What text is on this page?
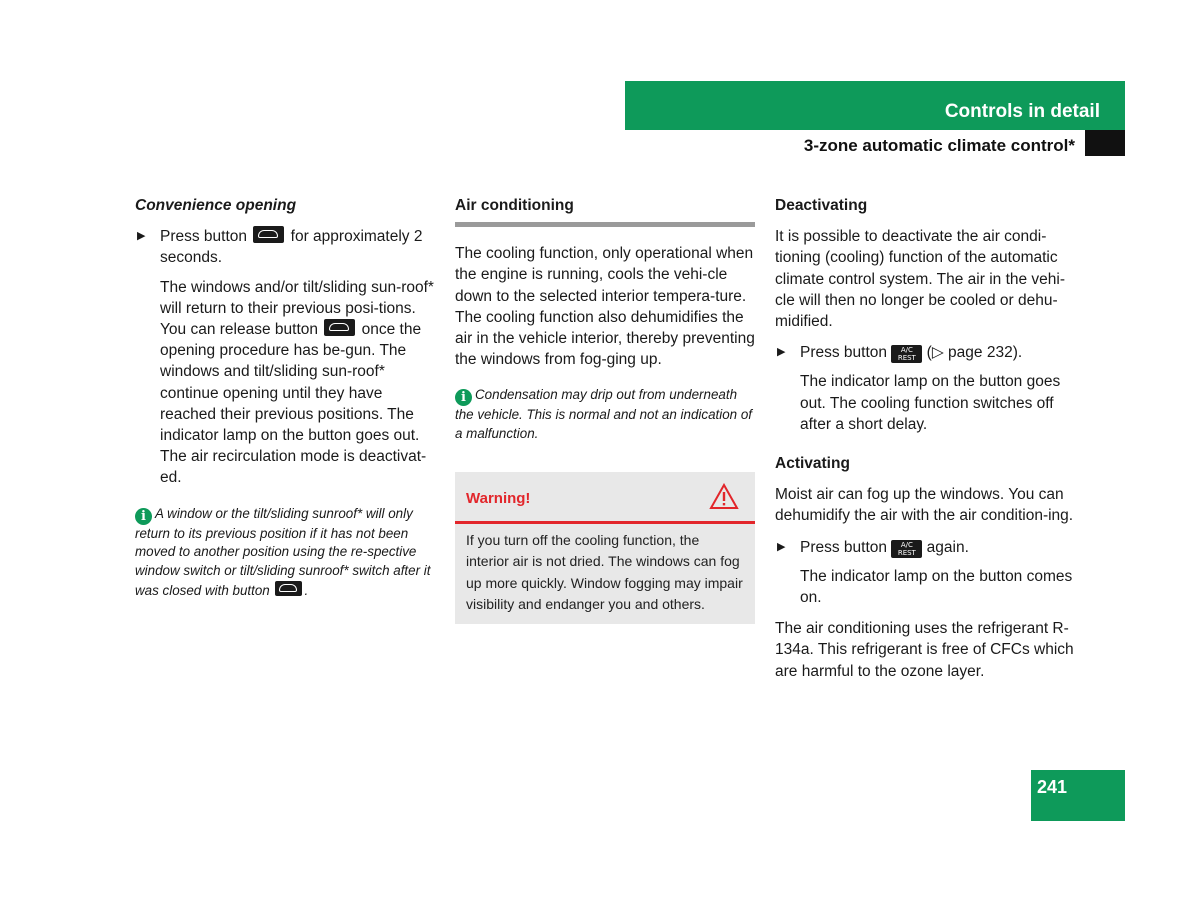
Controls in detail
3-zone automatic climate control*
Convenience opening
▶ Press button	for approximately 2 seconds.
The windows and/or tilt/sliding sun-roof* will return to their previous posi-tions. You can release button	once the opening procedure has be-gun. The windows and tilt/sliding sun-roof* continue opening until they have reached their previous positions. The indicator lamp on the button goes out. The air recirculation mode is deactivat-ed.
i A window or the tilt/sliding sunroof* will only return to its previous position if it has not been moved to another position using the re-spective window switch or tilt/sliding sunroof* switch after it was closed with button	.
Air conditioning

The cooling function, only operational when the engine is running, cools the vehi-cle down to the selected interior tempera-ture. The cooling function also dehumidifies the air in the vehicle interior, thereby preventing the windows from fog-ging up.

i Condensation may drip out from underneath the vehicle. This is normal and not an indication of a malfunction.
Warning!
If you turn off the cooling function, the interior air is not dried. The windows can fog up more quickly. Window fogging may impair visibility and endanger you and others.
Deactivating

It is possible to deactivate the air condi-tioning (cooling) function of the automatic climate control system. The air in the vehi-cle will then no longer be cooled or dehu-midified.

▶ Press button A/C
REST (▷ page 232).
The indicator lamp on the button goes out. The cooling function switches off after a short delay.
Activating

Moist air can fog up the windows. You can dehumidify the air with the air condition-ing.

▶ Press button A/C
REST again.
The indicator lamp on the button comes on.

The air conditioning uses the refrigerant R-134a. This refrigerant is free of CFCs which are harmful to the ozone layer.

241
